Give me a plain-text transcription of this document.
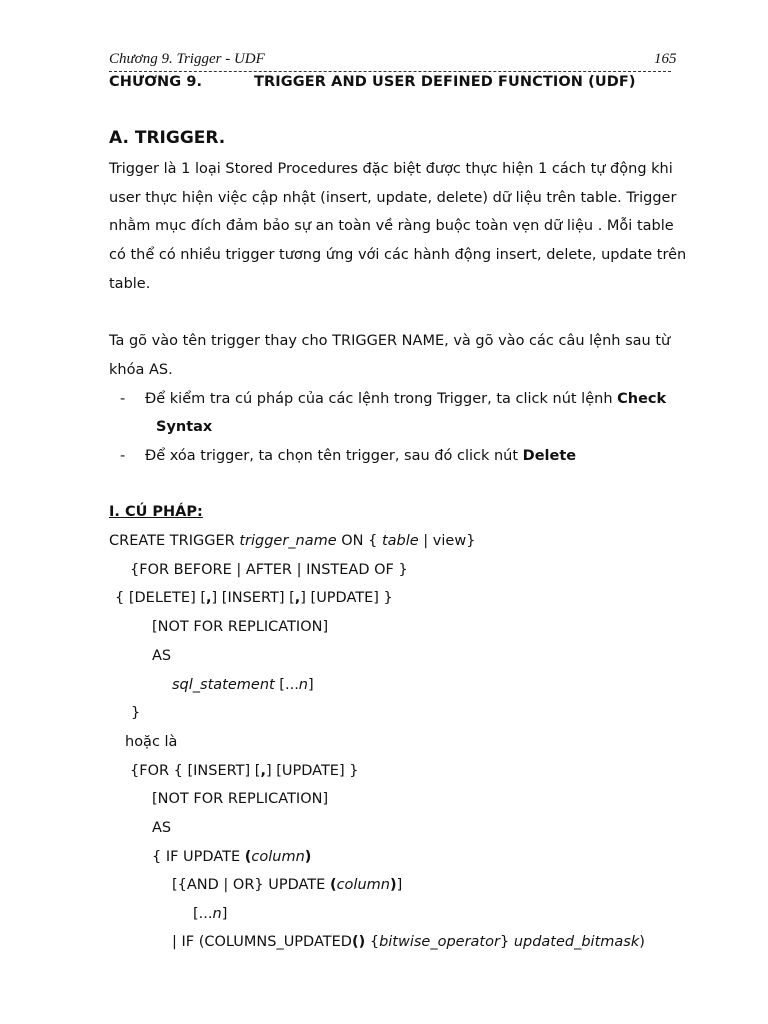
Chương 9. Trigger - UDF	165
CHƯƠNG 9.	TRIGGER AND USER DEFINED FUNCTION (UDF)
A. TRIGGER.
Trigger là 1 loại Stored Procedures đặc biệt được thực hiện 1 cách tự động khi
user thực hiện việc cập nhật (insert, update, delete) dữ liệu trên table. Trigger
nhằm mục đích đảm bảo sự an toàn về ràng buộc toàn vẹn dữ liệu . Mỗi table
có thể có nhiều trigger tương ứng với các hành động insert, delete, update trên
table.
Ta gõ vào tên trigger thay cho TRIGGER NAME, và gõ vào các câu lệnh sau từ
khóa AS.
- Để kiểm tra cú pháp của các lệnh trong Trigger, ta click nút lệnh Check
Syntax
- Để xóa trigger, ta chọn tên trigger, sau đó click nút Delete
I. CÚ PHÁP:
CREATE TRIGGER trigger_name ON { table | view}
{FOR BEFORE | AFTER | INSTEAD OF }
{ [DELETE] [,] [INSERT] [,] [UPDATE] }
[NOT FOR REPLICATION]
AS
sql_statement [...n]
}
hoặc là
{FOR { [INSERT] [,] [UPDATE] }
[NOT FOR REPLICATION]
AS
{ IF UPDATE (column)
[{AND | OR} UPDATE (column)]
[...n]
| IF (COLUMNS_UPDATED() {bitwise_operator} updated_bitmask)
